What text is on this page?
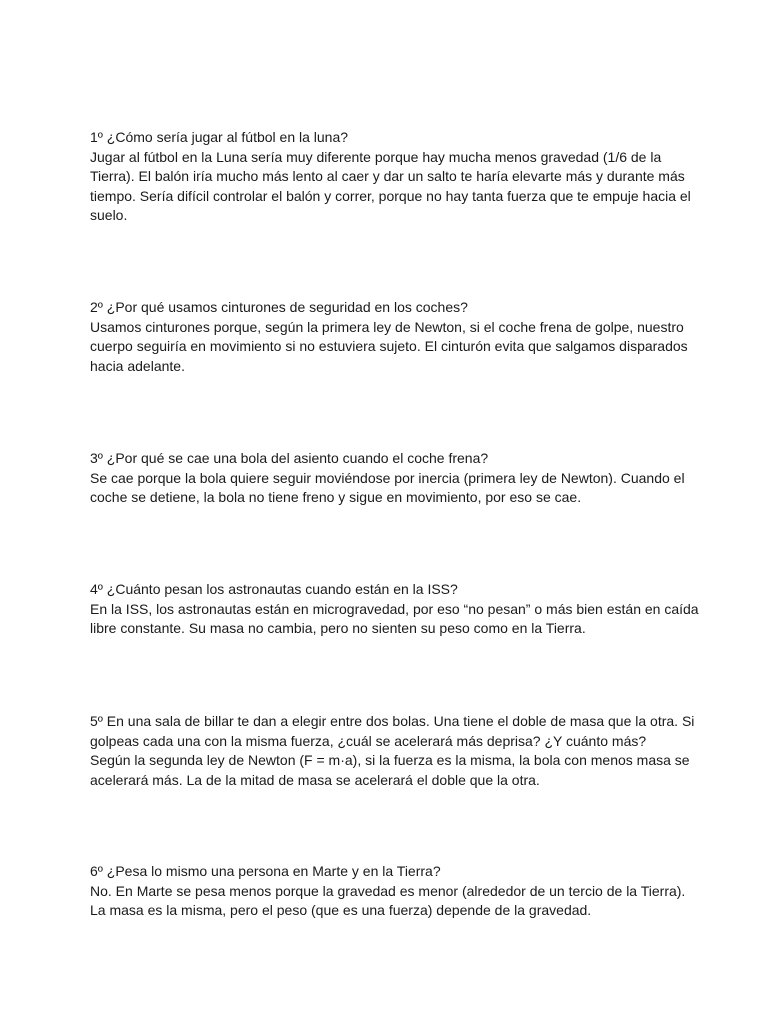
1º ¿Cómo sería jugar al fútbol en la luna?

Jugar al fútbol en la Luna sería muy diferente porque hay mucha menos gravedad (1/6 de la Tierra). El balón iría mucho más lento al caer y dar un salto te haría elevarte más y durante más tiempo. Sería difícil controlar el balón y correr, porque no hay tanta fuerza que te empuje hacia el suelo.

2º ¿Por qué usamos cinturones de seguridad en los coches?

Usamos cinturones porque, según la primera ley de Newton, si el coche frena de golpe, nuestro cuerpo seguiría en movimiento si no estuviera sujeto. El cinturón evita que salgamos disparados hacia adelante.

3º ¿Por qué se cae una bola del asiento cuando el coche frena?

Se cae porque la bola quiere seguir moviéndose por inercia (primera ley de Newton). Cuando el coche se detiene, la bola no tiene freno y sigue en movimiento, por eso se cae.

4º ¿Cuánto pesan los astronautas cuando están en la ISS?

En la ISS, los astronautas están en microgravedad, por eso “no pesan” o más bien están en caída libre constante. Su masa no cambia, pero no sienten su peso como en la Tierra.

5º En una sala de billar te dan a elegir entre dos bolas. Una tiene el doble de masa que la otra. Si golpeas cada una con la misma fuerza, ¿cuál se acelerará más deprisa? ¿Y cuánto más?

Según la segunda ley de Newton (F = m·a), si la fuerza es la misma, la bola con menos masa se acelerará más. La de la mitad de masa se acelerará el doble que la otra.

6º ¿Pesa lo mismo una persona en Marte y en la Tierra?

No. En Marte se pesa menos porque la gravedad es menor (alrededor de un tercio de la Tierra). La masa es la misma, pero el peso (que es una fuerza) depende de la gravedad.
